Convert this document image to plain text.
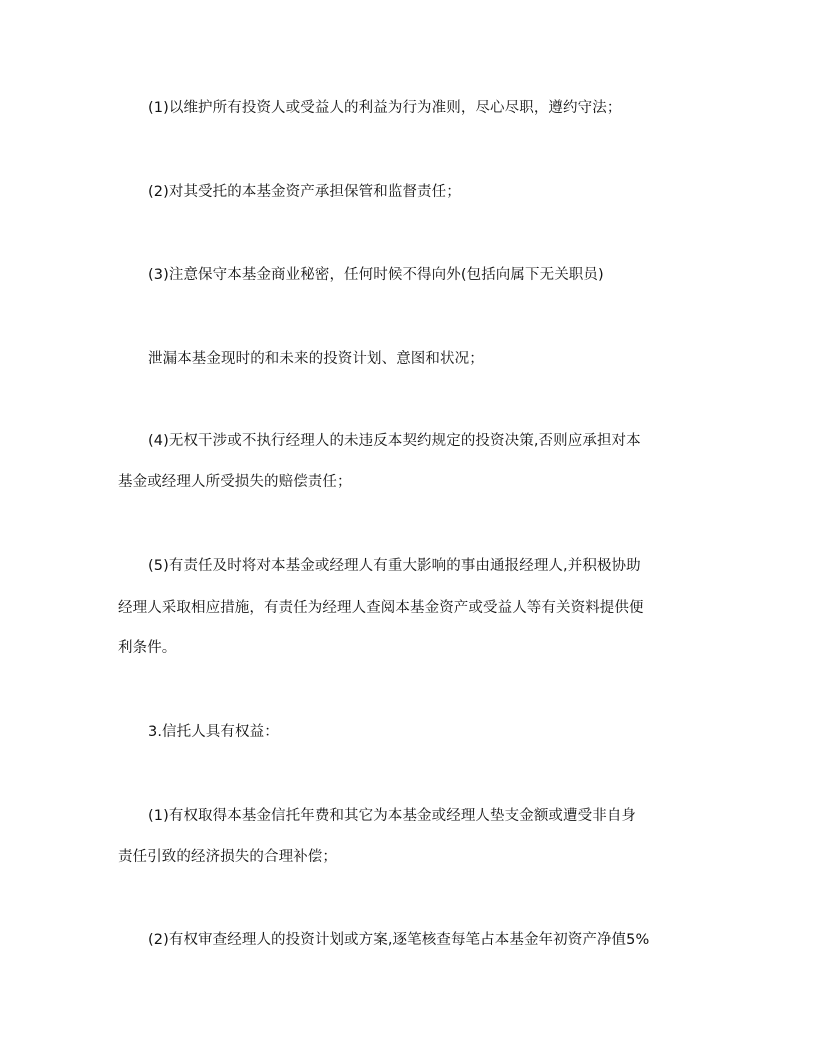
(1)以维护所有投资人或受益人的利益为行为准则，尽心尽职，遵约守法；
(2)对其受托的本基金资产承担保管和监督责任；
(3)注意保守本基金商业秘密，任何时候不得向外(包括向属下无关职员)
泄漏本基金现时的和未来的投资计划、意图和状况；
(4)无权干涉或不执行经理人的未违反本契约规定的投资决策,否则应承担对本
基金或经理人所受损失的赔偿责任；
(5)有责任及时将对本基金或经理人有重大影响的事由通报经理人,并积极协助
经理人采取相应措施，有责任为经理人查阅本基金资产或受益人等有关资料提供便
利条件。
3.信托人具有权益：
(1)有权取得本基金信托年费和其它为本基金或经理人垫支金额或遭受非自身
责任引致的经济损失的合理补偿；
(2)有权审查经理人的投资计划或方案,逐笔核查每笔占本基金年初资产净值5%
